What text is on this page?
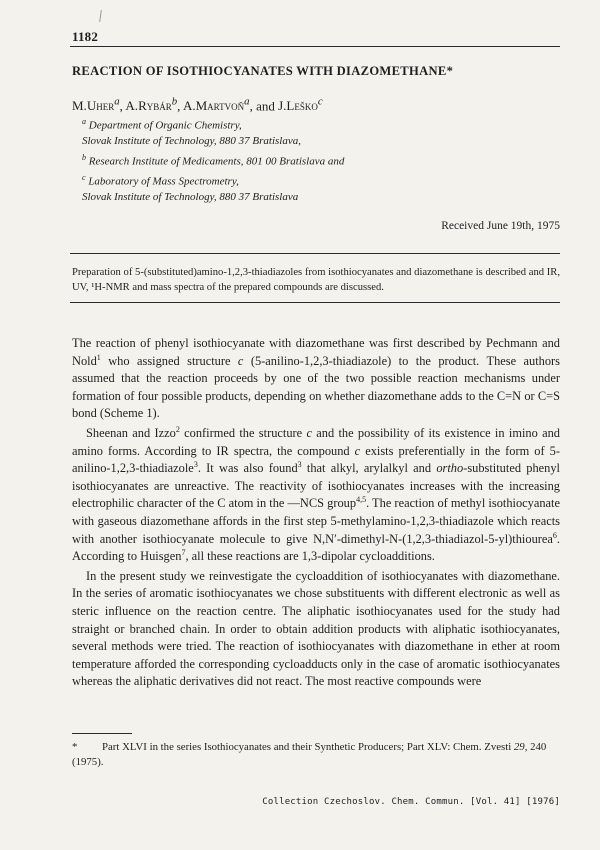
1182
REACTION OF ISOTHIOCYANATES WITH DIAZOMETHANE*
M.Uher$^a$, A.Rybár$^b$, A.Martvoň$^a$, and J.Leško$^c$
$^a$ Department of Organic Chemistry,
Slovak Institute of Technology, 880 37 Bratislava,
$^b$ Research Institute of Medicaments, 801 00 Bratislava and
$^c$ Laboratory of Mass Spectrometry,
Slovak Institute of Technology, 880 37 Bratislava
Received June 19th, 1975
Preparation of 5-(substituted)amino-1,2,3-thiadiazoles from isothiocyanates and diazomethane is described and IR, UV, ¹H-NMR and mass spectra of the prepared compounds are discussed.

The reaction of phenyl isothiocyanate with diazomethane was first described by Pechmann and Nold$^1$ who assigned structure c (5-anilino-1,2,3-thiadiazole) to the product. These authors assumed that the reaction proceeds by one of the two possible reaction mechanisms under formation of four possible products, depending on whether diazomethane adds to the C=N or C=S bond (Scheme 1).

Sheenan and Izzo$^2$ confirmed the structure c and the possibility of its existence in imino and amino forms. According to IR spectra, the compound c exists preferentially in the form of 5-anilino-1,2,3-thiadiazole$^3$. It was also found$^3$ that alkyl, arylalkyl and ortho-substituted phenyl isothiocyanates are unreactive. The reactivity of isothiocyanates increases with the increasing electrophilic character of the C atom in the —NCS group$^{4,5}$. The reaction of methyl isothiocyanate with gaseous diazomethane affords in the first step 5-methylamino-1,2,3-thiadiazole which reacts with another isothiocyanate molecule to give N,N′-dimethyl-N-(1,2,3-thiadiazol-5-yl)thiourea$^6$. According to Huisgen$^7$, all these reactions are 1,3-dipolar cycloadditions.

In the present study we reinvestigate the cycloaddition of isothiocyanates with diazomethane. In the series of aromatic isothiocyanates we chose substituents with different electronic as well as steric influence on the reaction centre. The aliphatic isothiocyanates used for the study had straight or branched chain. In order to obtain addition products with aliphatic isothiocyanates, several methods were tried. The reaction of isothiocyanates with diazomethane in ether at room temperature afforded the corresponding cycloadducts only in the case of aromatic isothiocyanates whereas the aliphatic derivatives did not react. The most reactive compounds were

* Part XLVI in the series Isothiocyanates and their Synthetic Producers; Part XLV: Chem. Zvesti 29, 240 (1975).
Collection Czechoslov. Chem. Commun. [Vol. 41] [1976]
